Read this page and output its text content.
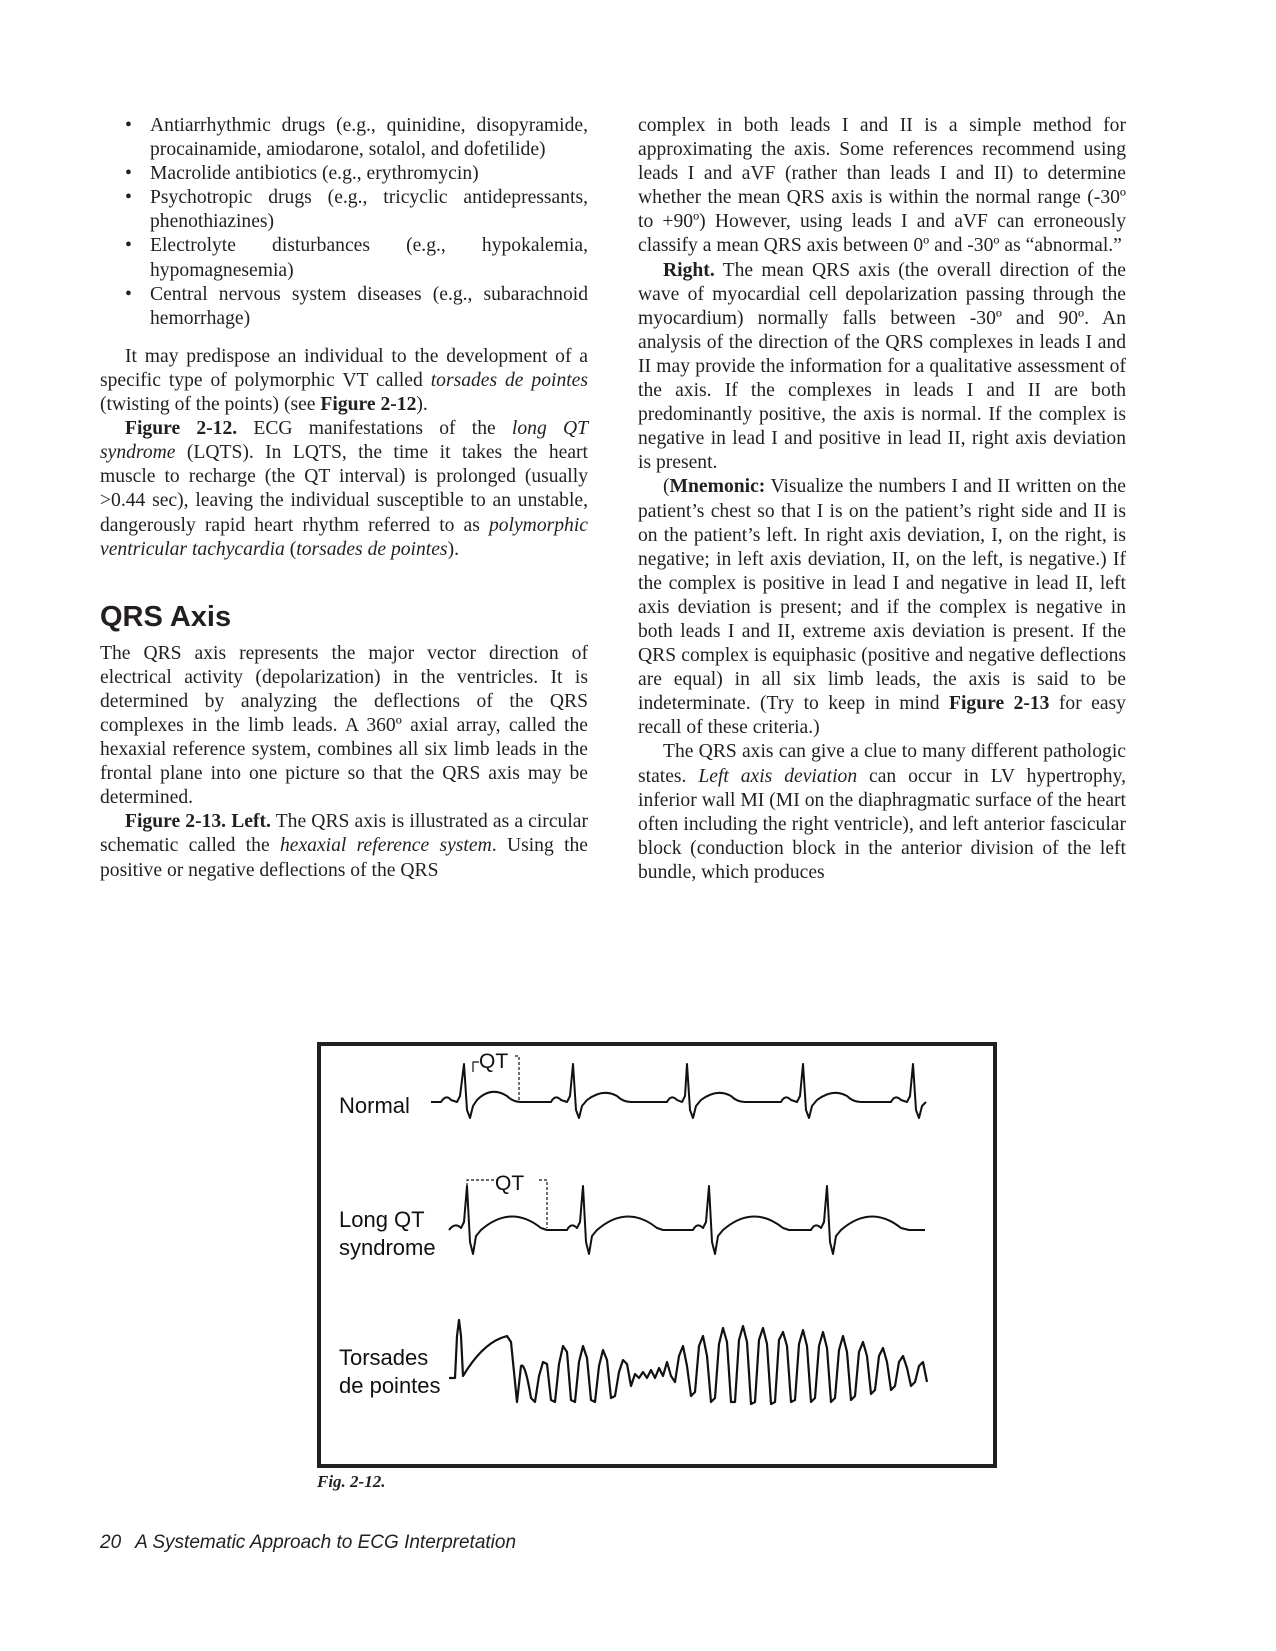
• Antiarrhythmic drugs (e.g., quinidine, disopyramide, procainamide, amiodarone, sotalol, and dofetilide)
• Macrolide antibiotics (e.g., erythromycin)
• Psychotropic drugs (e.g., tricyclic antidepressants, phenothiazines)
• Electrolyte disturbances (e.g., hypokalemia, hypomagnesemia)
• Central nervous system diseases (e.g., subarachnoid hemorrhage)

It may predispose an individual to the development of a specific type of polymorphic VT called torsades de pointes (twisting of the points) (see Figure 2-12).

Figure 2-12. ECG manifestations of the long QT syndrome (LQTS). In LQTS, the time it takes the heart muscle to recharge (the QT interval) is prolonged (usually >0.44 sec), leaving the individual susceptible to an unstable, dangerously rapid heart rhythm referred to as polymorphic ventricular tachycardia (torsades de pointes).

QRS Axis

The QRS axis represents the major vector direction of electrical activity (depolarization) in the ventricles. It is determined by analyzing the deflections of the QRS complexes in the limb leads. A 360º axial array, called the hexaxial reference system, combines all six limb leads in the frontal plane into one picture so that the QRS axis may be determined.

Figure 2-13. Left. The QRS axis is illustrated as a circular schematic called the hexaxial reference system. Using the positive or negative deflections of the QRS

complex in both leads I and II is a simple method for approximating the axis. Some references recommend using leads I and aVF (rather than leads I and II) to determine whether the mean QRS axis is within the normal range (-30º to +90º) However, using leads I and aVF can erroneously classify a mean QRS axis between 0º and -30º as “abnormal.”

Right. The mean QRS axis (the overall direction of the wave of myocardial cell depolarization passing through the myocardium) normally falls between -30º and 90º. An analysis of the direction of the QRS complexes in leads I and II may provide the information for a qualitative assessment of the axis. If the complexes in leads I and II are both predominantly positive, the axis is normal. If the complex is negative in lead I and positive in lead II, right axis deviation is present.

(Mnemonic: Visualize the numbers I and II written on the patient’s chest so that I is on the patient’s right side and II is on the patient’s left. In right axis deviation, I, on the right, is negative; in left axis deviation, II, on the left, is negative.) If the complex is positive in lead I and negative in lead II, left axis deviation is present; and if the complex is negative in both leads I and II, extreme axis deviation is present. If the QRS complex is equiphasic (positive and negative deflections are equal) in all six limb leads, the axis is said to be indeterminate. (Try to keep in mind Figure 2-13 for easy recall of these criteria.)

The QRS axis can give a clue to many different pathologic states. Left axis deviation can occur in LV hypertrophy, inferior wall MI (MI on the diaphragmatic surface of the heart often including the right ventricle), and left anterior fascicular block (conduction block in the anterior division of the left bundle, which produces

Normal
Long QT
syndrome
Torsades
de pointes
QT
QT
Fig. 2-12.
20 A Systematic Approach to ECG Interpretation
